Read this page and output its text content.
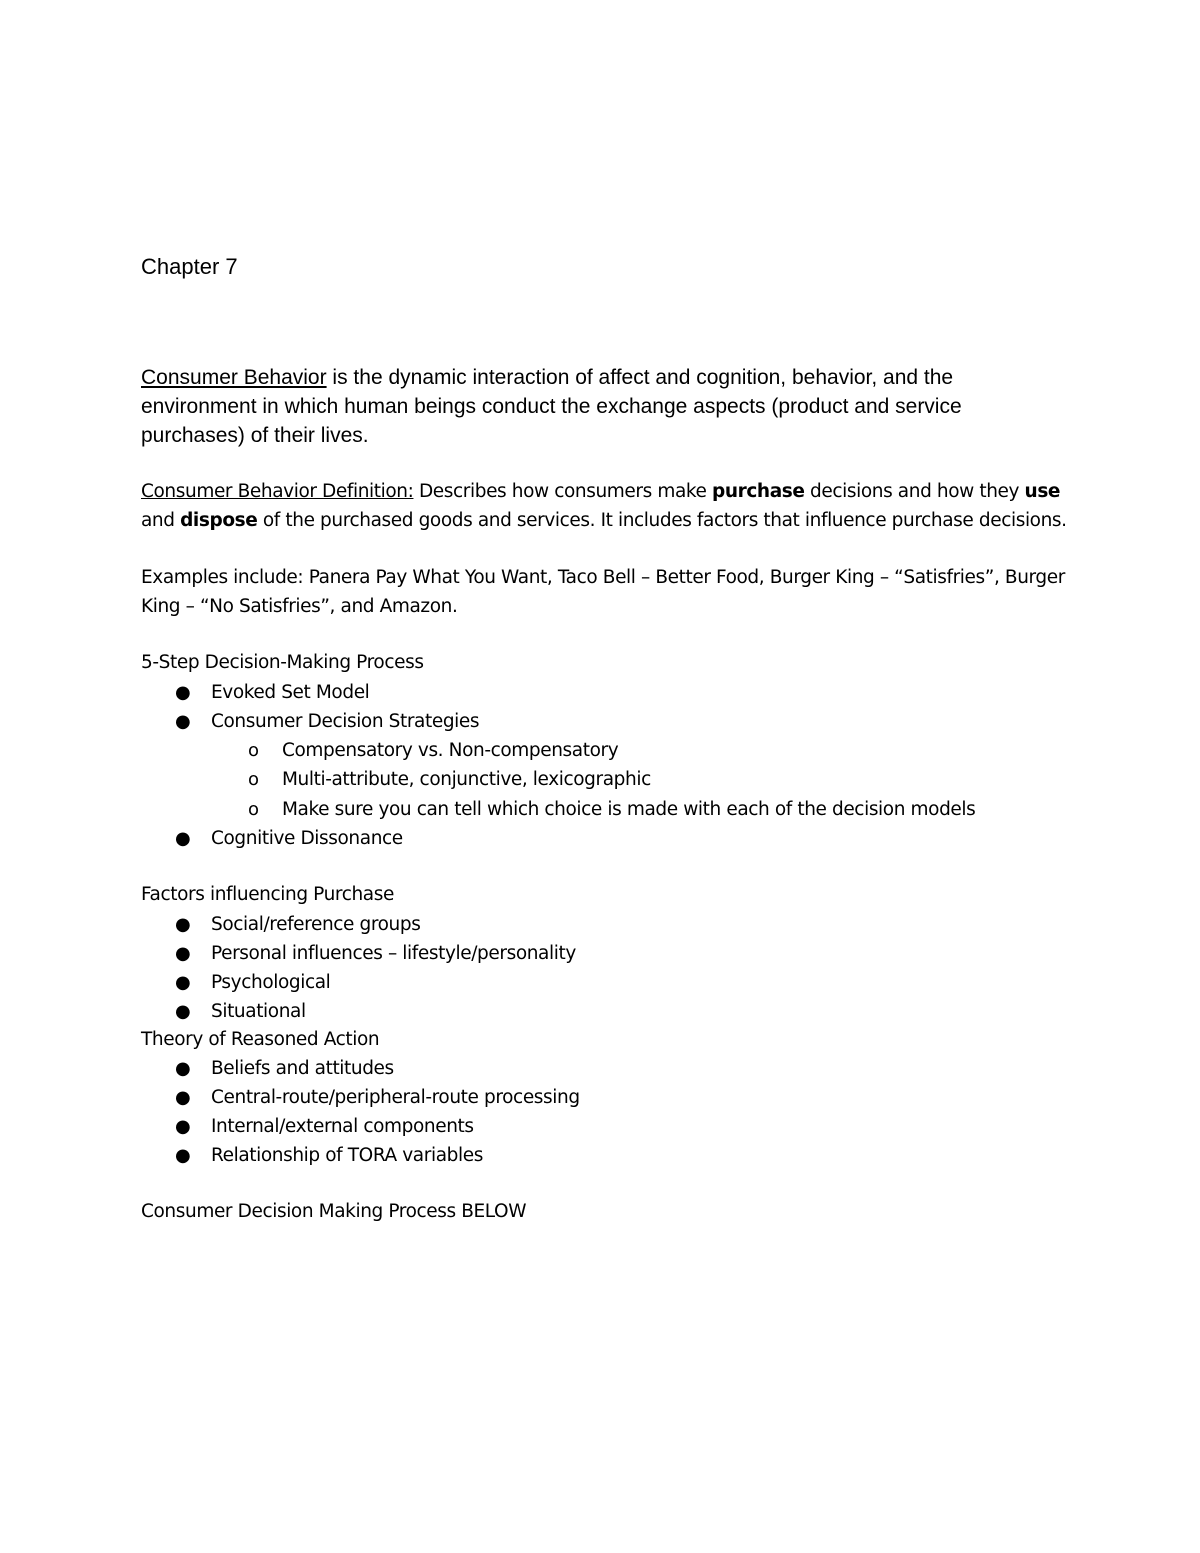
Chapter 7

Consumer Behavior is the dynamic interaction of affect and cognition, behavior, and the environment in which human beings conduct the exchange aspects (product and service purchases) of their lives.

Consumer Behavior Definition: Describes how consumers make purchase decisions and how they use and dispose of the purchased goods and services. It includes factors that influence purchase decisions.

Examples include: Panera Pay What You Want, Taco Bell – Better Food, Burger King – “Satisfries”, Burger King – “No Satisfries”, and Amazon.

5-Step Decision-Making Process

● Evoked Set Model
● Consumer Decision Strategies
o Compensatory vs. Non-compensatory
o Multi-attribute, conjunctive, lexicographic
o Make sure you can tell which choice is made with each of the decision models
● Cognitive Dissonance

Factors influencing Purchase

● Social/reference groups
● Personal influences – lifestyle/personality
● Psychological
● Situational

Theory of Reasoned Action

● Beliefs and attitudes
● Central-route/peripheral-route processing
● Internal/external components
● Relationship of TORA variables

Consumer Decision Making Process BELOW
